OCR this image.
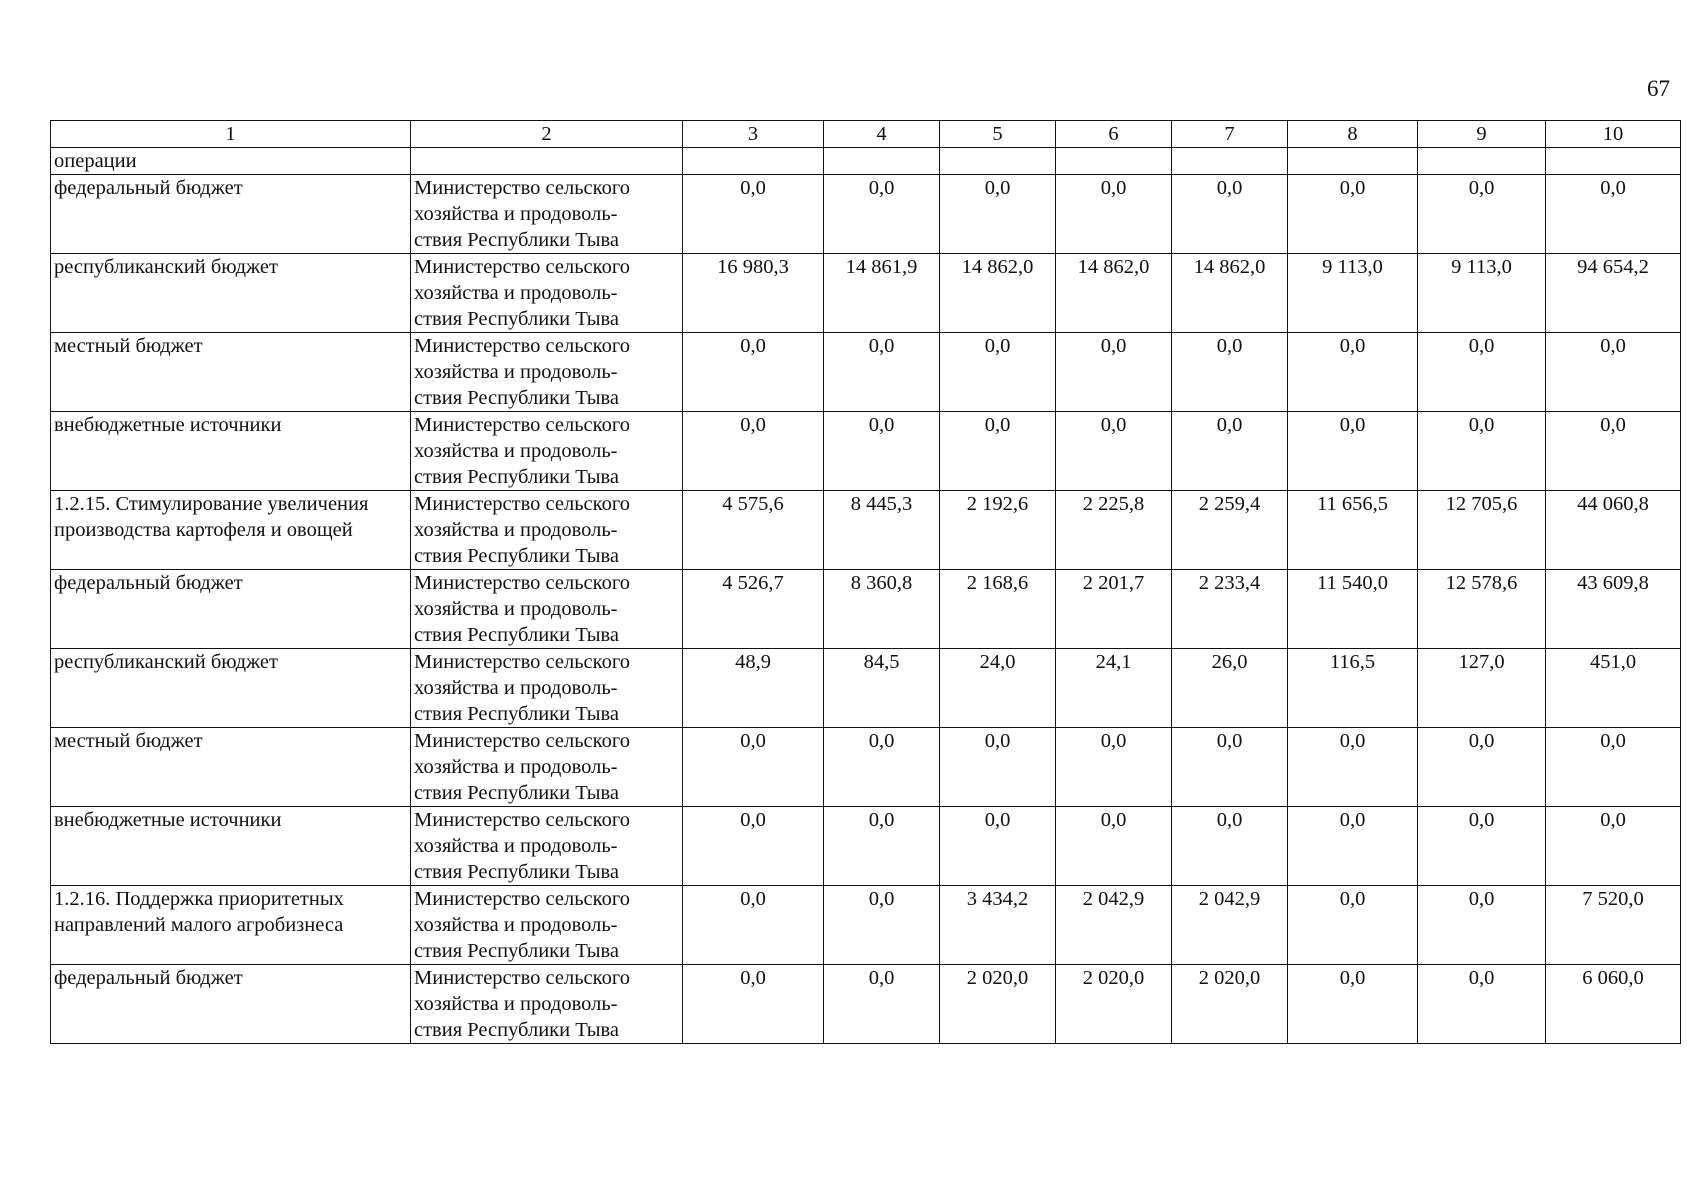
67
1	2	3	4	5	6	7	8	9	10
операции									
федеральный бюджет	Министерство сельского
хозяйства и продоволь-
ствия Республики Тыва	0,0	0,0	0,0	0,0	0,0	0,0	0,0	0,0
республиканский бюджет	Министерство сельского
хозяйства и продоволь-
ствия Республики Тыва	16 980,3	14 861,9	14 862,0	14 862,0	14 862,0	9 113,0	9 113,0	94 654,2
местный бюджет	Министерство сельского
хозяйства и продоволь-
ствия Республики Тыва	0,0	0,0	0,0	0,0	0,0	0,0	0,0	0,0
внебюджетные источники	Министерство сельского
хозяйства и продоволь-
ствия Республики Тыва	0,0	0,0	0,0	0,0	0,0	0,0	0,0	0,0
1.2.15. Стимулирование увеличения
производства картофеля и овощей	Министерство сельского
хозяйства и продоволь-
ствия Республики Тыва	4 575,6	8 445,3	2 192,6	2 225,8	2 259,4	11 656,5	12 705,6	44 060,8
федеральный бюджет	Министерство сельского
хозяйства и продоволь-
ствия Республики Тыва	4 526,7	8 360,8	2 168,6	2 201,7	2 233,4	11 540,0	12 578,6	43 609,8
республиканский бюджет	Министерство сельского
хозяйства и продоволь-
ствия Республики Тыва	48,9	84,5	24,0	24,1	26,0	116,5	127,0	451,0
местный бюджет	Министерство сельского
хозяйства и продоволь-
ствия Республики Тыва	0,0	0,0	0,0	0,0	0,0	0,0	0,0	0,0
внебюджетные источники	Министерство сельского
хозяйства и продоволь-
ствия Республики Тыва	0,0	0,0	0,0	0,0	0,0	0,0	0,0	0,0
1.2.16. Поддержка приоритетных
направлений малого агробизнеса	Министерство сельского
хозяйства и продоволь-
ствия Республики Тыва	0,0	0,0	3 434,2	2 042,9	2 042,9	0,0	0,0	7 520,0
федеральный бюджет	Министерство сельского
хозяйства и продоволь-
ствия Республики Тыва	0,0	0,0	2 020,0	2 020,0	2 020,0	0,0	0,0	6 060,0
